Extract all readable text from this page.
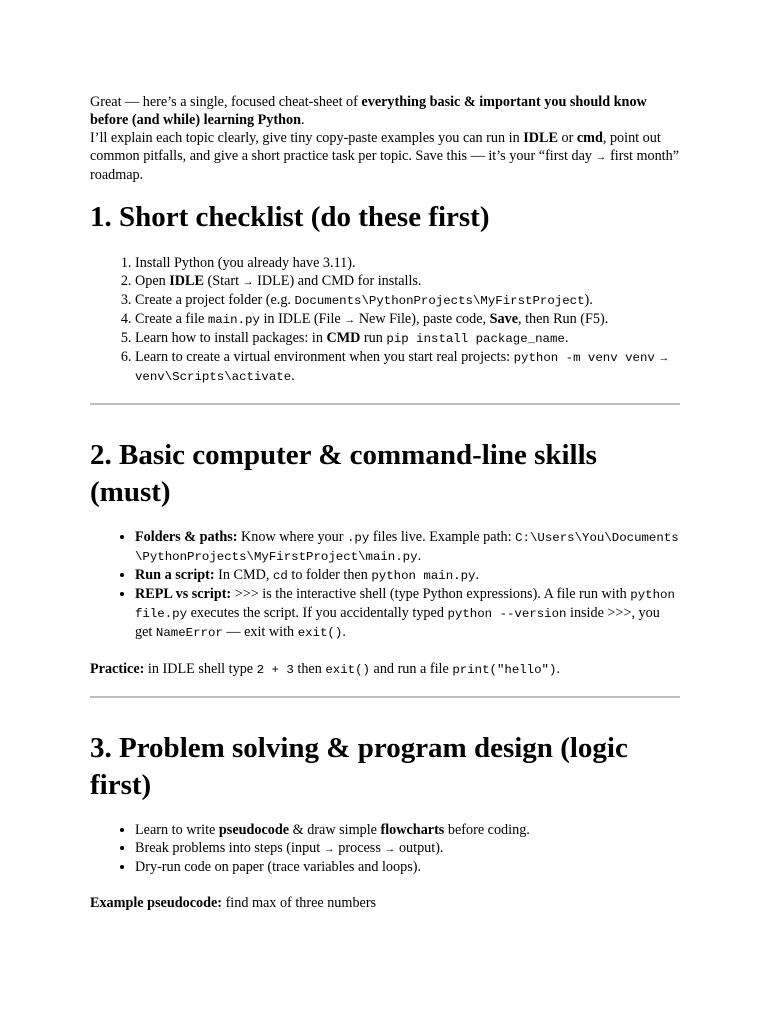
Great — here’s a single, focused cheat-sheet of everything basic & important you should know before (and while) learning Python.
I’ll explain each topic clearly, give tiny copy-paste examples you can run in IDLE or cmd, point out common pitfalls, and give a short practice task per topic. Save this — it’s your “first day → first month” roadmap.

1. Short checklist (do these first)
1. Install Python (you already have 3.11).
2. Open IDLE (Start → IDLE) and CMD for installs.
3. Create a project folder (e.g. Documents\PythonProjects\MyFirstProject).
4. Create a file main.py in IDLE (File → New File), paste code, Save, then Run (F5).
5. Learn how to install packages: in CMD run pip install package_name.
6. Learn to create a virtual environment when you start real projects: python -m venv venv → venv\Scripts\activate.
2. Basic computer & command-line skills (must)
• Folders & paths: Know where your .py files live. Example path: C:\Users\You\Documents\PythonProjects\MyFirstProject\main.py.
• Run a script: In CMD, cd to folder then python main.py.
• REPL vs script: >>> is the interactive shell (type Python expressions). A file run with python file.py executes the script. If you accidentally typed python --version inside >>>, you get NameError — exit with exit().

Practice: in IDLE shell type 2 + 3 then exit() and run a file print("hello").

3. Problem solving & program design (logic first)
• Learn to write pseudocode & draw simple flowcharts before coding.
• Break problems into steps (input → process → output).
• Dry-run code on paper (trace variables and loops).

Example pseudocode: find max of three numbers
